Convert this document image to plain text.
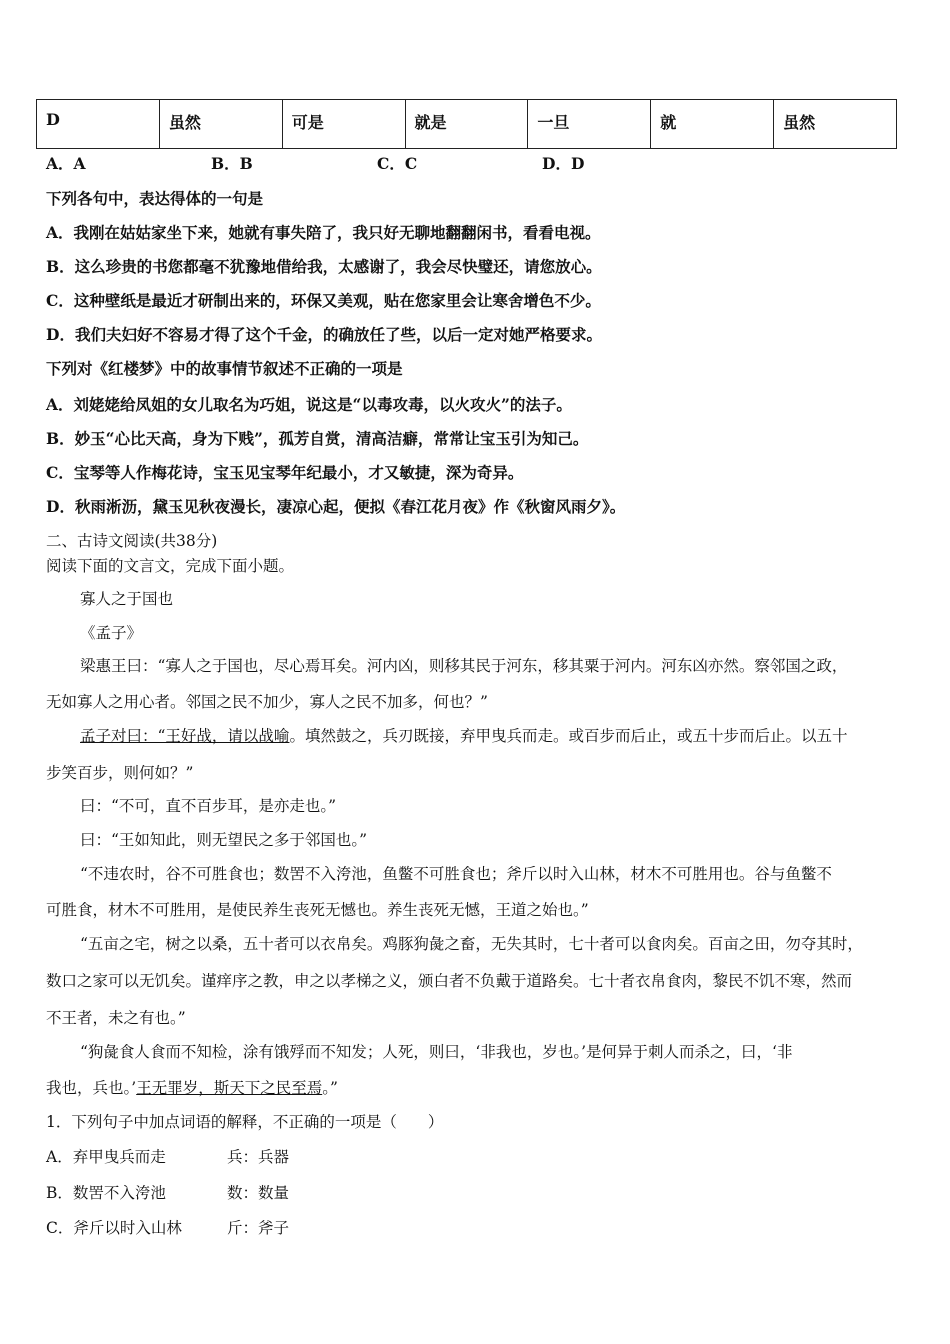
D	虽然	可是	就是	一旦	就	虽然
A．A	B．B	C．C	D．D
下列各句中，表达得体的一句是
A．我刚在姑姑家坐下来，她就有事失陪了，我只好无聊地翻翻闲书，看看电视。
B．这么珍贵的书您都毫不犹豫地借给我，太感谢了，我会尽快璧还，请您放心。
C．这种壁纸是最近才研制出来的，环保又美观，贴在您家里会让寒舍增色不少。
D．我们夫妇好不容易才得了这个千金，的确放任了些，以后一定对她严格要求。
下列对《红楼梦》中的故事情节叙述不正确的一项是
A．刘姥姥给凤姐的女儿取名为巧姐，说这是“以毒攻毒，以火攻火”的法子。
B．妙玉“心比天高，身为下贱”，孤芳自赏，清高洁癖，常常让宝玉引为知己。
C．宝琴等人作梅花诗，宝玉见宝琴年纪最小，才又敏捷，深为奇异。
D．秋雨淅沥，黛玉见秋夜漫长，凄凉心起，便拟《春江花月夜》作《秋窗风雨夕》。
二、古诗文阅读(共38分)
阅读下面的文言文，完成下面小题。
寡人之于国也
《孟子》
梁惠王曰：“寡人之于国也，尽心焉耳矣。河内凶，则移其民于河东，移其粟于河内。河东凶亦然。察邻国之政，
无如寡人之用心者。邻国之民不加少，寡人之民不加多，何也？”
孟子对曰：“王好战，请以战喻。填然鼓之，兵刃既接，弃甲曳兵而走。或百步而后止，或五十步而后止。以五十
步笑百步，则何如？”
曰：“不可，直不百步耳，是亦走也。”
曰：“王如知此，则无望民之多于邻国也。”
“不违农时，谷不可胜食也；数罟不入洿池，鱼鳖不可胜食也；斧斤以时入山林，材木不可胜用也。谷与鱼鳖不
可胜食，材木不可胜用，是使民养生丧死无憾也。养生丧死无憾，王道之始也。”
“五亩之宅，树之以桑，五十者可以衣帛矣。鸡豚狗彘之畜，无失其时，七十者可以食肉矣。百亩之田，勿夺其时，
数口之家可以无饥矣。谨痒序之教，申之以孝梯之义，颁白者不负戴于道路矣。七十者衣帛食肉，黎民不饥不寒，然而
不王者，未之有也。”
“狗彘食人食而不知检，涂有饿殍而不知发；人死，则曰，‘非我也，岁也。’是何异于刺人而杀之，曰，‘非
我也，兵也。’王无罪岁，斯天下之民至焉。”
1．下列句子中加点词语的解释，不正确的一项是（　　）
A．弃甲曳兵而走	兵：兵器
B．数罟不入洿池	数：数量
C．斧斤以时入山林	斤：斧子
